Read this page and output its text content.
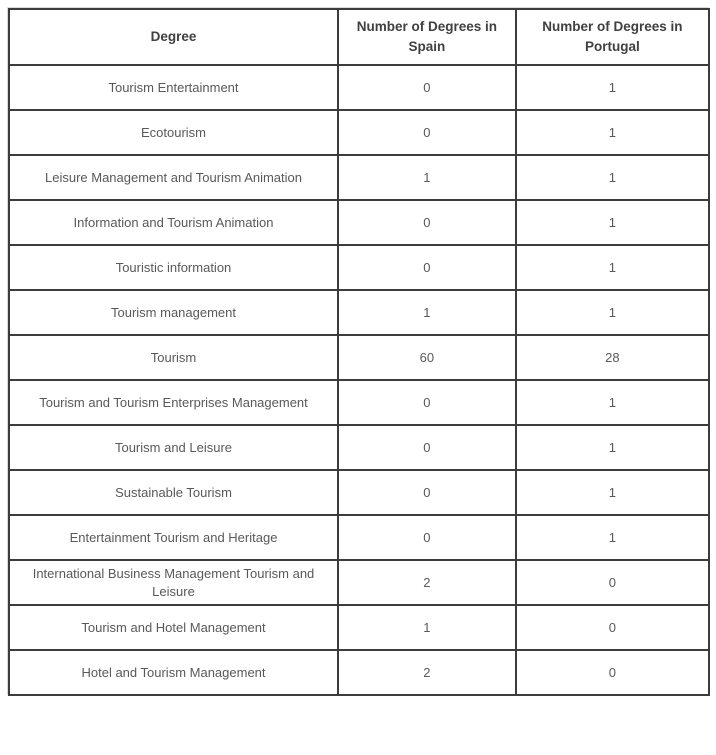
Degree	Number of Degrees in Spain	Number of Degrees in Portugal
Tourism Entertainment	0	1
Ecotourism	0	1
Leisure Management and Tourism Animation	1	1
Information and Tourism Animation	0	1
Touristic information	0	1
Tourism management	1	1
Tourism	60	28
Tourism and Tourism Enterprises Management	0	1
Tourism and Leisure	0	1
Sustainable Tourism	0	1
Entertainment Tourism and Heritage	0	1
International Business Management Tourism and Leisure	2	0
Tourism and Hotel Management	1	0
Hotel and Tourism Management	2	0
